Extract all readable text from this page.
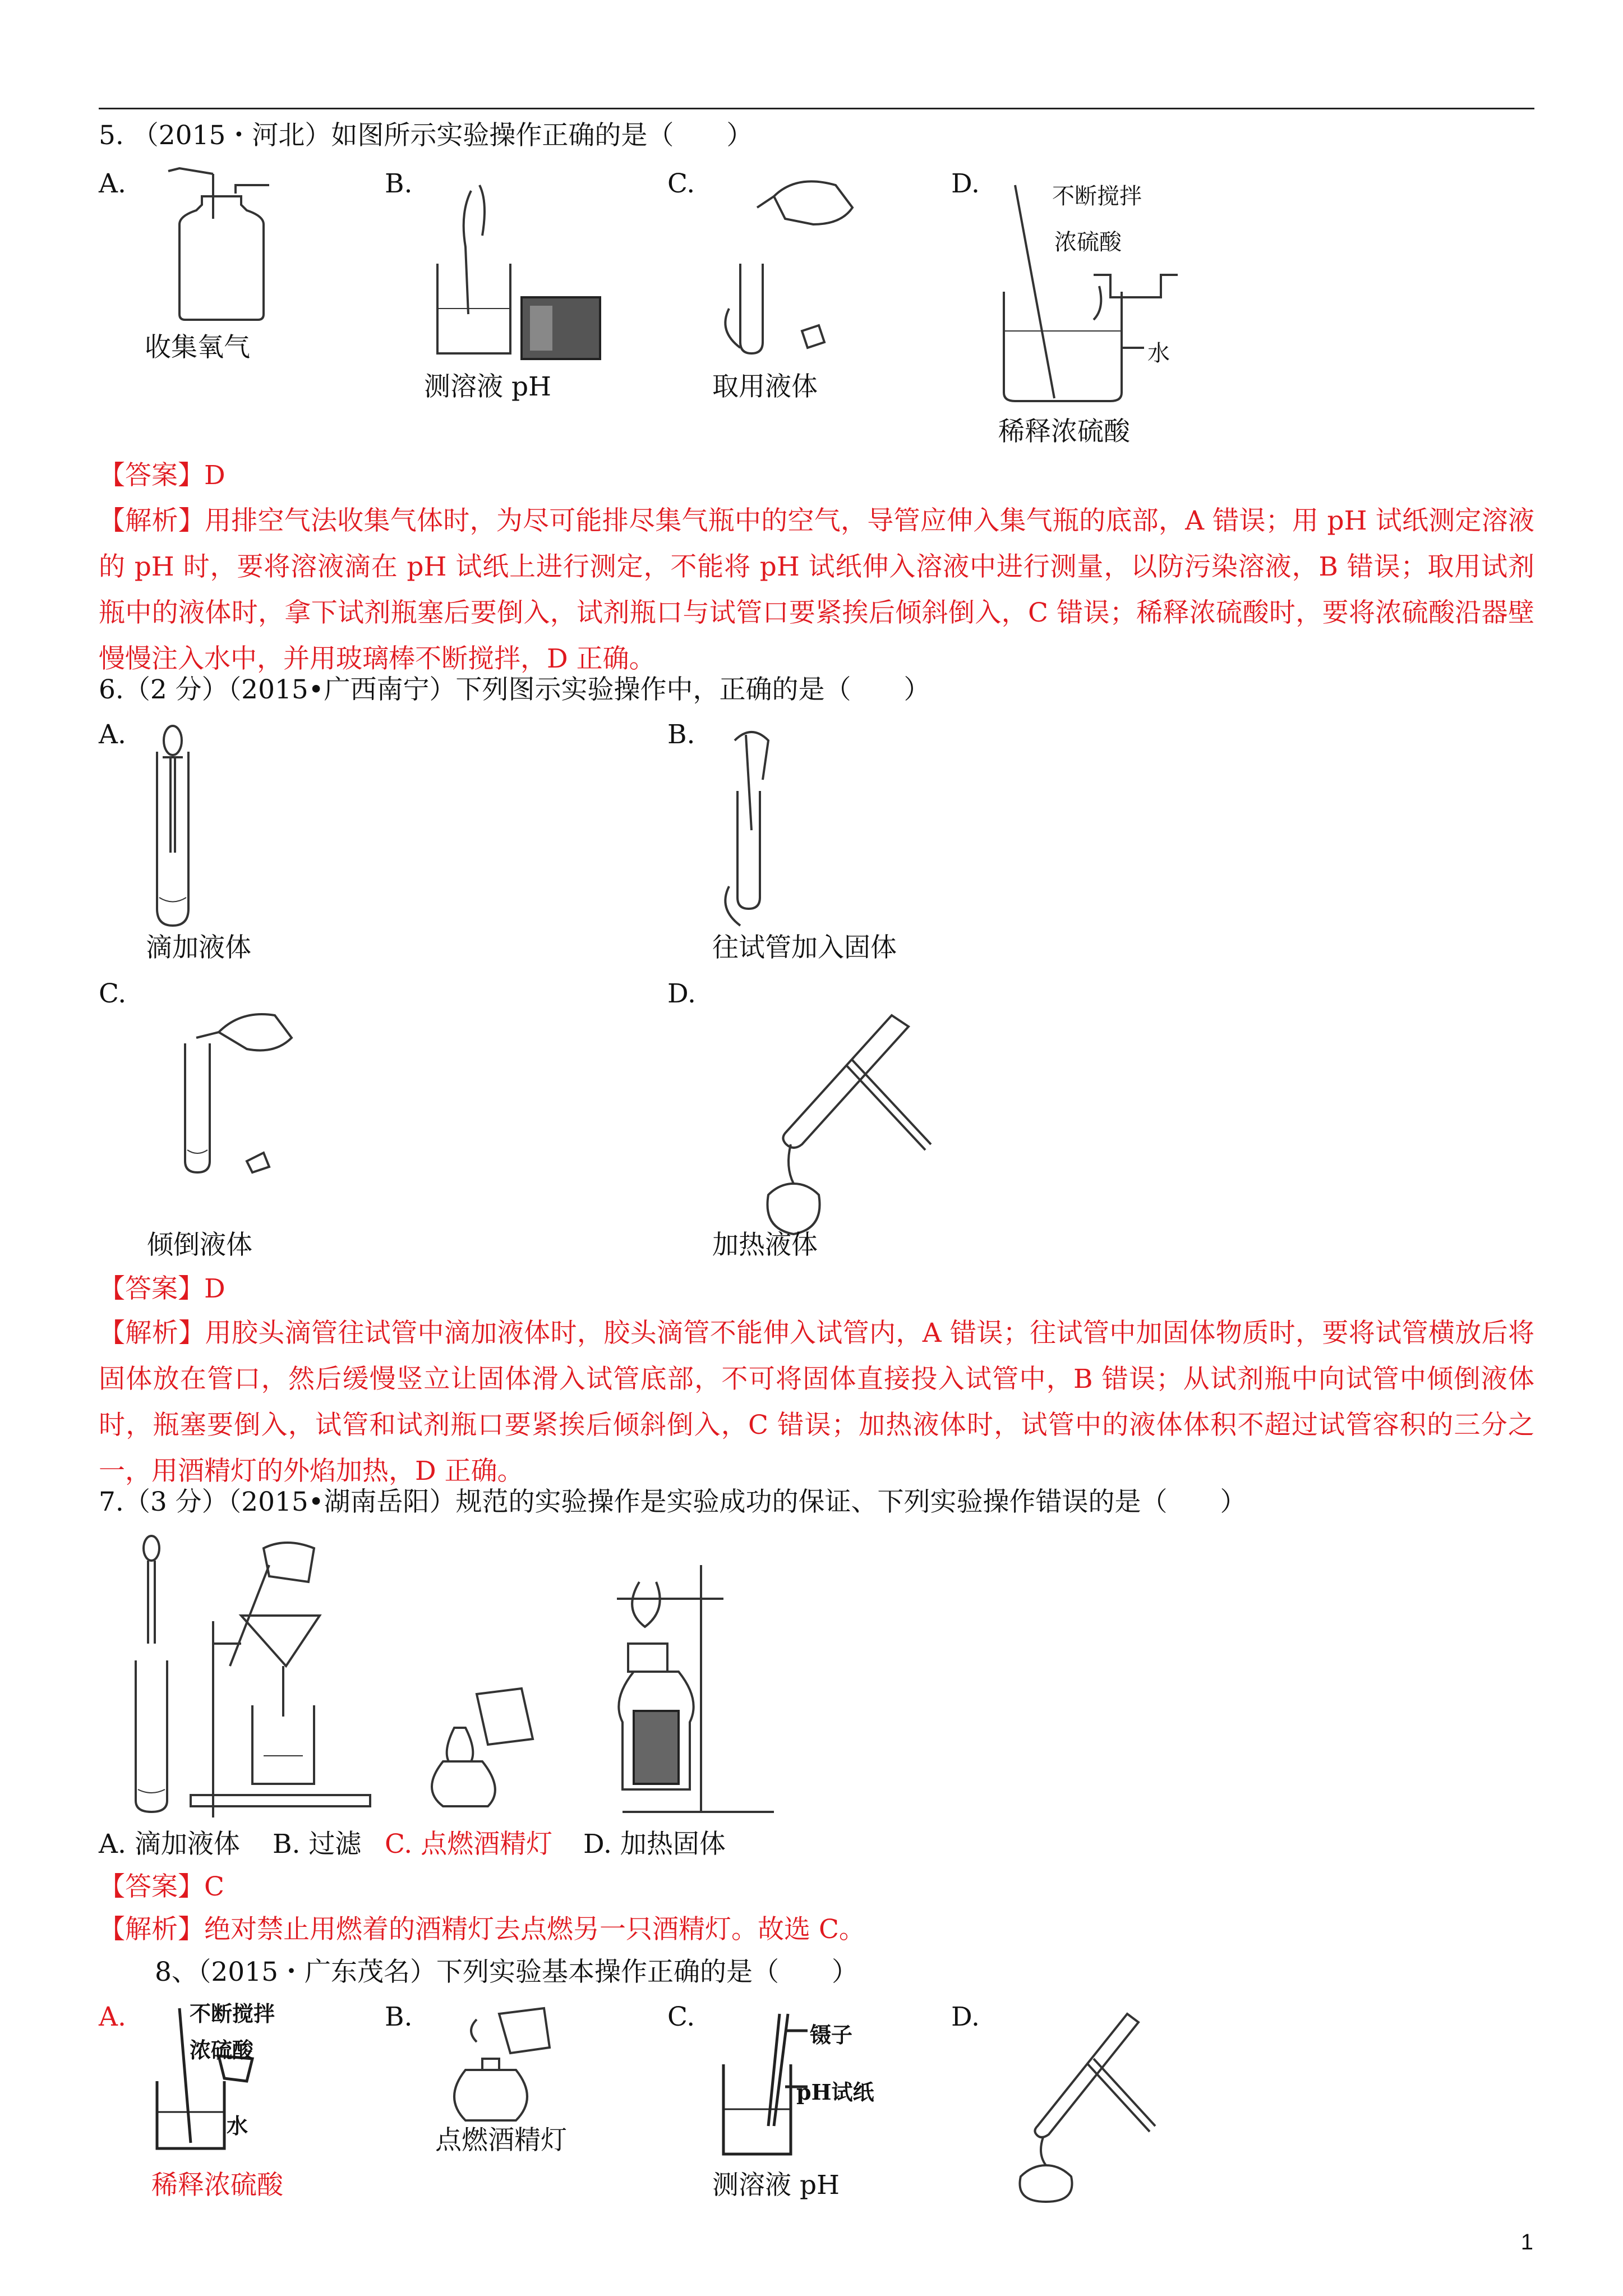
5. （2015・河北）如图所示实验操作正确的是（　　）
A.	B.	C.	D.
收集氧气
测溶液 pH	取用液体
不断搅拌
浓硫酸
水
稀释浓硫酸
【答案】D
【解析】用排空气法收集气体时，为尽可能排尽集气瓶中的空气，导管应伸入集气瓶的底部，A 错误；用 pH 试纸测定溶液的 pH 时，要将溶液滴在 pH 试纸上进行测定，不能将 pH 试纸伸入溶液中进行测量，以防污染溶液，B 错误；取用试剂瓶中的液体时，拿下试剂瓶塞后要倒入，试剂瓶口与试管口要紧挨后倾斜倒入，C 错误；稀释浓硫酸时，要将浓硫酸沿器壁慢慢注入水中，并用玻璃棒不断搅拌，D 正确。
6.（2 分）（2015•广西南宁）下列图示实验操作中，正确的是（　　）
A.	B.
滴加液体	往试管加入固体
C.	D.
倾倒液体	加热液体
【答案】D
【解析】用胶头滴管往试管中滴加液体时，胶头滴管不能伸入试管内，A 错误；往试管中加固体物质时，要将试管横放后将固体放在管口，然后缓慢竖立让固体滑入试管底部，不可将固体直接投入试管中，B 错误；从试剂瓶中向试管中倾倒液体时，瓶塞要倒入，试管和试剂瓶口要紧挨后倾斜倒入，C 错误；加热液体时，试管中的液体体积不超过试管容积的三分之一，用酒精灯的外焰加热，D 正确。
7.（3 分）（2015•湖南岳阳）规范的实验操作是实验成功的保证、下列实验操作错误的是（　　）
A. 滴加液体 B. 过滤 C. 点燃酒精灯 D. 加热固体
【答案】C
【解析】绝对禁止用燃着的酒精灯去点燃另一只酒精灯。故选 C。
8、（2015・广东茂名）下列实验基本操作正确的是（　　）
A.	B.	C.	D.
不断搅拌
浓硫酸
水
稀释浓硫酸
点燃酒精灯
镊子
pH试纸
测溶液 pH
1
